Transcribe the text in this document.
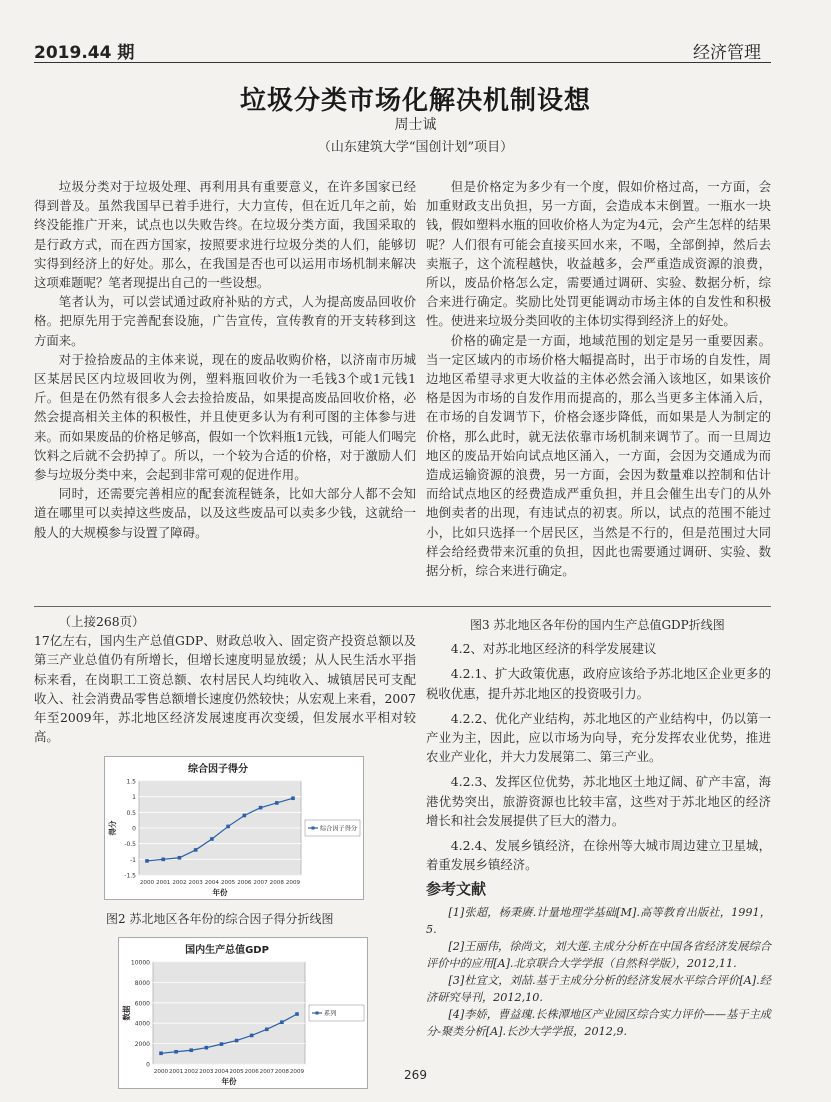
2019.44 期	经济管理
垃圾分类市场化解决机制设想
周士诚
（山东建筑大学“国创计划”项目）

垃圾分类对于垃圾处理、再利用具有重要意义，在许多国家已经得到普及。虽然我国早已着手进行，大力宣传，但在近几年之前，始终没能推广开来，试点也以失败告终。在垃圾分类方面，我国采取的是行政方式，而在西方国家，按照要求进行垃圾分类的人们，能够切实得到经济上的好处。那么，在我国是否也可以运用市场机制来解决这项难题呢？笔者现提出自己的一些设想。

笔者认为，可以尝试通过政府补贴的方式，人为提高废品回收价格。把原先用于完善配套设施，广告宣传，宣传教育的开支转移到这方面来。

对于捡拾废品的主体来说，现在的废品收购价格，以济南市历城区某居民区内垃圾回收为例，塑料瓶回收价为一毛钱3个或1元钱1斤。但是在仍然有很多人会去捡拾废品，如果提高废品回收价格，必然会提高相关主体的积极性，并且使更多认为有利可图的主体参与进来。而如果废品的价格足够高，假如一个饮料瓶1元钱，可能人们喝完饮料之后就不会扔掉了。所以，一个较为合适的价格，对于激励人们参与垃圾分类中来，会起到非常可观的促进作用。

同时，还需要完善相应的配套流程链条，比如大部分人都不会知道在哪里可以卖掉这些废品，以及这些废品可以卖多少钱，这就给一般人的大规模参与设置了障碍。

但是价格定为多少有一个度，假如价格过高，一方面，会加重财政支出负担，另一方面，会造成本末倒置。一瓶水一块钱，假如塑料水瓶的回收价格人为定为4元，会产生怎样的结果呢？人们很有可能会直接买回水来，不喝，全部倒掉，然后去卖瓶子，这个流程越快，收益越多，会严重造成资源的浪费，所以，废品价格怎么定，需要通过调研、实验、数据分析，综合来进行确定。奖励比处罚更能调动市场主体的自发性和积极性。使进来垃圾分类回收的主体切实得到经济上的好处。

价格的确定是一方面，地域范围的划定是另一重要因素。当一定区域内的市场价格大幅提高时，出于市场的自发性，周边地区希望寻求更大收益的主体必然会涌入该地区，如果该价格是因为市场的自发作用而提高的，那么当更多主体涌入后，在市场的自发调节下，价格会逐步降低，而如果是人为制定的价格，那么此时，就无法依靠市场机制来调节了。而一旦周边地区的废品开始向试点地区涌入，一方面，会因为交通成为而造成运输资源的浪费，另一方面，会因为数量难以控制和估计而给试点地区的经费造成严重负担，并且会催生出专门的从外地倒卖者的出现，有违试点的初衷。所以，试点的范围不能过小，比如只选择一个居民区，当然是不行的，但是范围过大同样会给经费带来沉重的负担，因此也需要通过调研、实验、数据分析，综合来进行确定。

（上接268页）

17亿左右，国内生产总值GDP、财政总收入、固定资产投资总额以及第三产业总值仍有所增长，但增长速度明显放缓；从人民生活水平指标来看，在岗职工工资总额、农村居民人均纯收入、城镇居民可支配收入、社会消费品零售总额增长速度仍然较快；从宏观上来看，2007年至2009年，苏北地区经济发展速度再次变缓，但发展水平相对较高。

综合因子得分
1.5
1
0.5
0
-0.5
-1
-1.5
2000 2001 2002 2003 2004 2005 2006 2007 2008 2009
年份
得分	综合因子得分
图2 苏北地区各年份的综合因子得分折线图
国内生产总值GDP
10000
8000
6000
4000
2000
0
2000 2001 2002 2003 2004 2005 2006 2007 2008 2009
年份
数据	系列
图3 苏北地区各年份的国内生产总值GDP折线图

4.2、对苏北地区经济的科学发展建议

4.2.1、扩大政策优惠，政府应该给予苏北地区企业更多的税收优惠，提升苏北地区的投资吸引力。

4.2.2、优化产业结构，苏北地区的产业结构中，仍以第一产业为主，因此，应以市场为向导，充分发挥农业优势，推进农业产业化，并大力发展第二、第三产业。

4.2.3、发挥区位优势，苏北地区土地辽阔、矿产丰富，海港优势突出，旅游资源也比较丰富，这些对于苏北地区的经济增长和社会发展提供了巨大的潜力。

4.2.4、发展乡镇经济，在徐州等大城市周边建立卫星城，着重发展乡镇经济。

参考文献

[1]张超，杨秉赓.计量地理学基础[M].高等教育出版社，1991，5.

[2]王丽伟，徐尚文，刘大莲.主成分分析在中国各省经济发展综合评价中的应用[A].北京联合大学学报（自然科学版），2012,11.

[3]杜宜文，刘喆.基于主成分分析的经济发展水平综合评价[A].经济研究导刊，2012,10.

[4]李娇，曹益瑰.长株潭地区产业园区综合实力评价——基于主成分-聚类分析[A].长沙大学学报，2012,9.

269
